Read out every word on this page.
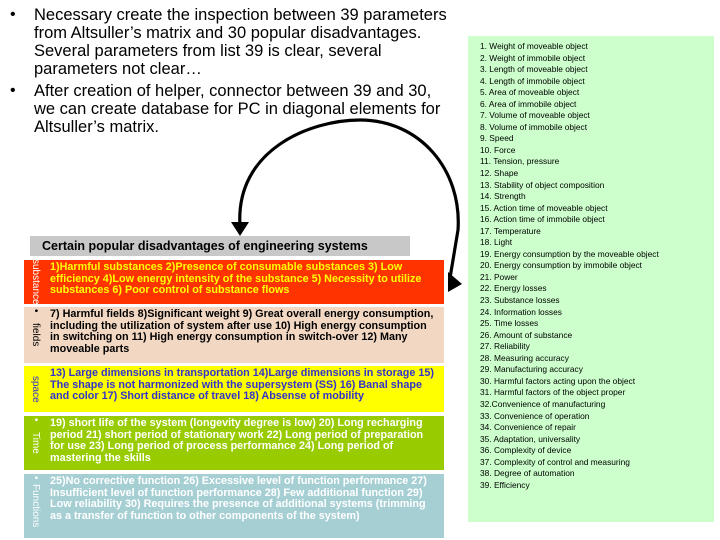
• Necessary create the inspection between 39 parameters from Altsuller’s matrix and 30 popular disadvantages. Several parameters from list 39 is clear, several parameters not clear…
• After creation of helper, connector between 39 and 30, we can create database for PC in diagonal elements for Altsuller’s matrix.
1. Weight of moveable object
2. Weight of immobile object
3. Length of moveable object
4. Length of immobile object
5. Area of moveable object
6. Area of immobile object
7. Volume of moveable object
8. Volume of immobile object
9. Speed
10. Force
11. Tension, pressure
12. Shape
13. Stability of object composition
14. Strength
15. Action time of moveable object
16. Action time of immobile object
17. Temperature
18. Light
19. Energy consumption by the moveable object
20. Energy consumption by immobile object
21. Power
22. Energy losses
23. Substance losses
24. Information losses
25. Time losses
26. Amount of substance
27. Reliability
28. Measuring accuracy
29. Manufacturing accuracy
30. Harmful factors acting upon the object
31. Harmful factors of the object proper
32.Convenience of manufacturing
33. Convenience of operation
34. Convenience of repair
35. Adaptation, universality
36. Complexity of device
37. Complexity of control and measuring
38. Degree of automation
39. Efficiency
Certain popular disadvantages of engineering systems
substance 1)Harmful substances 2)Presence of consumable substances 3) Low efficiency 4)Low energy intensity of the substance 5) Necessity to utilize substances 6) Poor control of substance flows
•
fields
7) Harmful fields 8)Significant weight 9) Great overall energy consumption, including the utilization of system after use 10) High energy consumption in switching on 11) High energy consumption in switch-over 12) Many moveable parts
space
13) Large dimensions in transportation 14)Large dimensions in storage 15) The shape is not harmonized with the supersystem (SS) 16) Banal shape and color 17) Short distance of travel 18) Absense of mobility
•
Time
19) short life of the system (longevity degree is low) 20) Long recharging period 21) short period of stationary work 22) Long period of preparation for use 23) Long period of process performance 24) Long period of mastering the skills
•
Functions
25)No corrective function 26) Excessive level of function performance 27) Insufficient level of function performance 28) Few additional function 29) Low reliability 30) Requires the presence of additional systems (trimming as a transfer of function to other components of the system)
